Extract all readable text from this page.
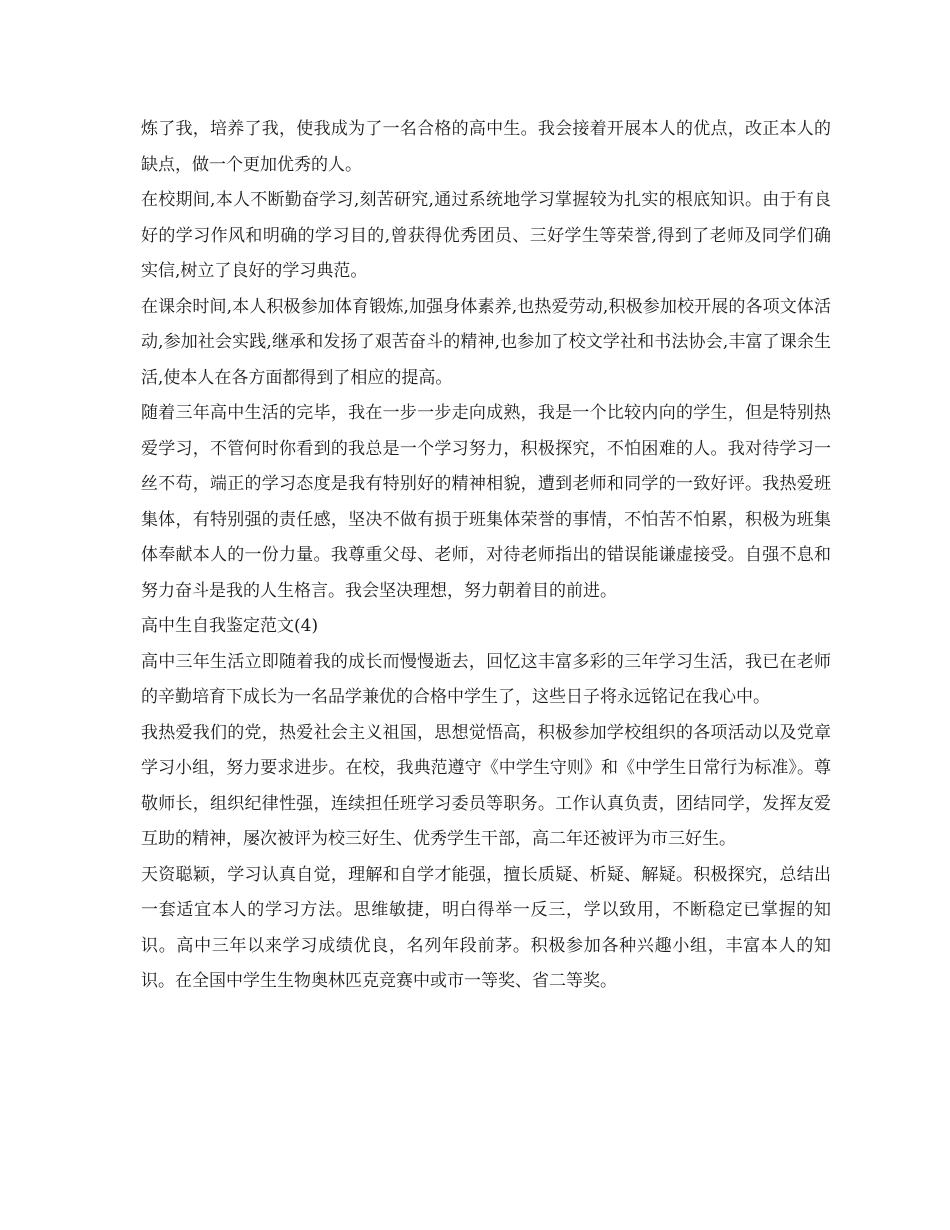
炼了我，培养了我，使我成为了一名合格的高中生。我会接着开展本人的优点，改正本人的缺点，做一个更加优秀的人。

在校期间,本人不断勤奋学习,刻苦研究,通过系统地学习掌握较为扎实的根底知识。由于有良好的学习作风和明确的学习目的,曾获得优秀团员、三好学生等荣誉,得到了老师及同学们确实信,树立了良好的学习典范。

在课余时间,本人积极参加体育锻炼,加强身体素养,也热爱劳动,积极参加校开展的各项文体活动,参加社会实践,继承和发扬了艰苦奋斗的精神,也参加了校文学社和书法协会,丰富了课余生活,使本人在各方面都得到了相应的提高。

随着三年高中生活的完毕，我在一步一步走向成熟，我是一个比较内向的学生，但是特别热爱学习，不管何时你看到的我总是一个学习努力，积极探究，不怕困难的人。我对待学习一丝不苟，端正的学习态度是我有特别好的精神相貌，遭到老师和同学的一致好评。我热爱班集体，有特别强的责任感，坚决不做有损于班集体荣誉的事情，不怕苦不怕累，积极为班集体奉献本人的一份力量。我尊重父母、老师，对待老师指出的错误能谦虚接受。自强不息和努力奋斗是我的人生格言。我会坚决理想，努力朝着目的前进。

高中生自我鉴定范文(4)

高中三年生活立即随着我的成长而慢慢逝去，回忆这丰富多彩的三年学习生活，我已在老师的辛勤培育下成长为一名品学兼优的合格中学生了，这些日子将永远铭记在我心中。

我热爱我们的党，热爱社会主义祖国，思想觉悟高，积极参加学校组织的各项活动以及党章学习小组，努力要求进步。在校，我典范遵守《中学生守则》和《中学生日常行为标准》。尊敬师长，组织纪律性强，连续担任班学习委员等职务。工作认真负责，团结同学，发挥友爱互助的精神，屡次被评为校三好生、优秀学生干部，高二年还被评为市三好生。

天资聪颖，学习认真自觉，理解和自学才能强，擅长质疑、析疑、解疑。积极探究，总结出一套适宜本人的学习方法。思维敏捷，明白得举一反三，学以致用，不断稳定已掌握的知识。高中三年以来学习成绩优良，名列年段前茅。积极参加各种兴趣小组，丰富本人的知识。在全国中学生生物奥林匹克竞赛中或市一等奖、省二等奖。
